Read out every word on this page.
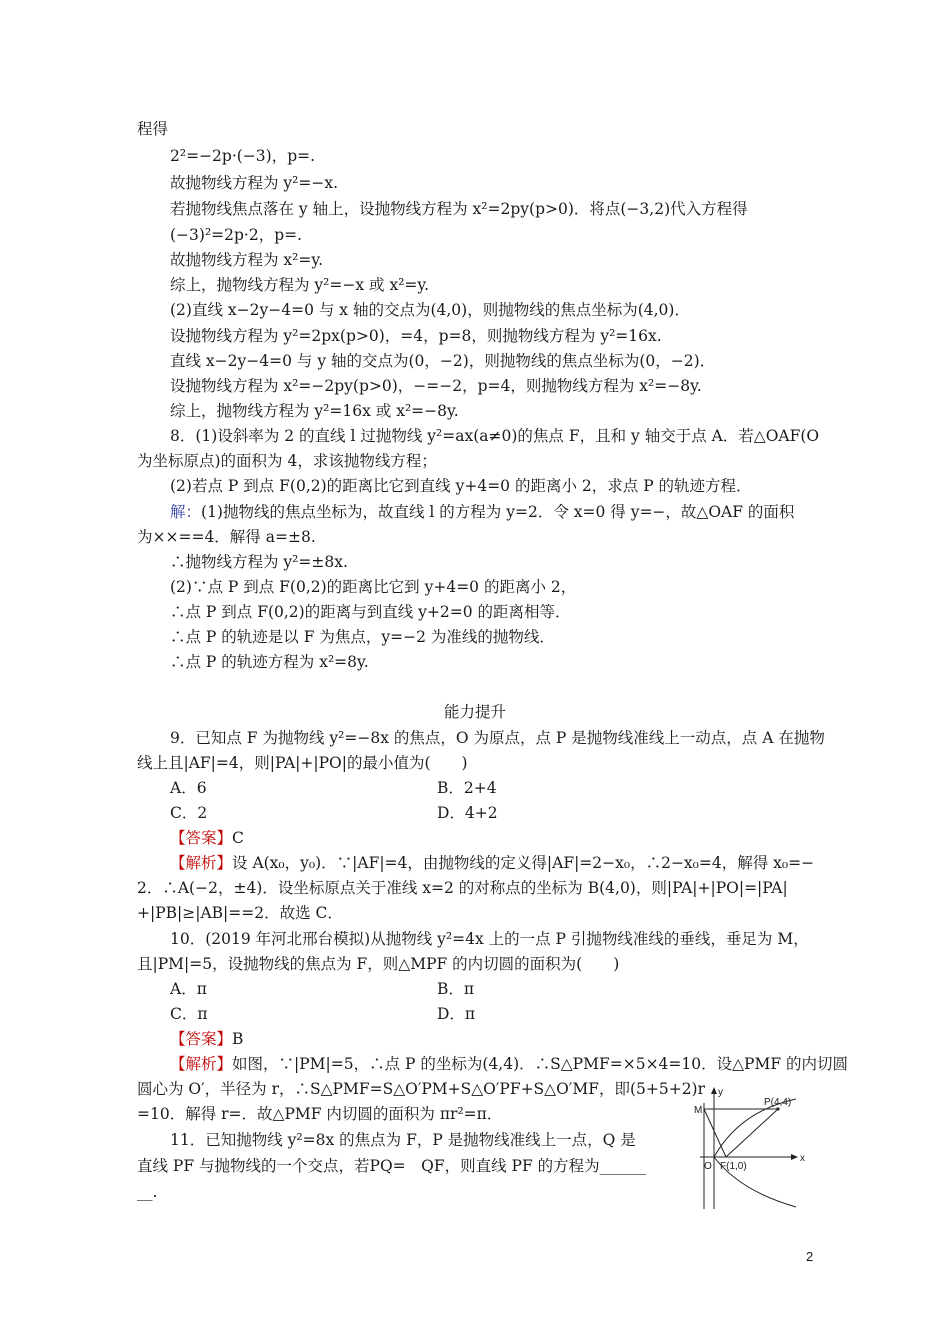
程得
2²=−2p·(−3)，p=.
故抛物线方程为 y²=−x.
若抛物线焦点落在 y 轴上，设抛物线方程为 x²=2py(p>0)．将点(−3,2)代入方程得
(−3)²=2p·2，p=.
故抛物线方程为 x²=y.
综上，抛物线方程为 y²=−x 或 x²=y.
(2)直线 x−2y−4=0 与 x 轴的交点为(4,0)，则抛物线的焦点坐标为(4,0)．
设抛物线方程为 y²=2px(p>0)，=4，p=8，则抛物线方程为 y²=16x.
直线 x−2y−4=0 与 y 轴的交点为(0，−2)，则抛物线的焦点坐标为(0，−2)．
设抛物线方程为 x²=−2py(p>0)，−=−2，p=4，则抛物线方程为 x²=−8y.
综上，抛物线方程为 y²=16x 或 x²=−8y.
8．(1)设斜率为 2 的直线 l 过抛物线 y²=ax(a≠0)的焦点 F，且和 y 轴交于点 A．若△OAF(O
为坐标原点)的面积为 4，求该抛物线方程；
(2)若点 P 到点 F(0,2)的距离比它到直线 y+4=0 的距离小 2，求点 P 的轨迹方程．
解：(1)抛物线的焦点坐标为，故直线 l 的方程为 y=2．令 x=0 得 y=−，故△OAF 的面积
为××==4．解得 a=±8.
∴抛物线方程为 y²=±8x.
(2)∵点 P 到点 F(0,2)的距离比它到 y+4=0 的距离小 2，
∴点 P 到点 F(0,2)的距离与到直线 y+2=0 的距离相等．
∴点 P 的轨迹是以 F 为焦点，y=−2 为准线的抛物线．
∴点 P 的轨迹方程为 x²=8y.
能力提升
9．已知点 F 为抛物线 y²=−8x 的焦点，O 为原点，点 P 是抛物线准线上一动点，点 A 在抛物
线上且|AF|=4，则|PA|+|PO|的最小值为(　　)
A．6	B．2+4
C．2	D．4+2
【答案】C
【解析】设 A(x₀，y₀)．∵|AF|=4，由抛物线的定义得|AF|=2−x₀，∴2−x₀=4，解得 x₀=−
2．∴A(−2，±4)．设坐标原点关于准线 x=2 的对称点的坐标为 B(4,0)，则|PA|+|PO|=|PA|
+|PB|≥|AB|==2．故选 C．
10．(2019 年河北邢台模拟)从抛物线 y²=4x 上的一点 P 引抛物线准线的垂线，垂足为 M，
且|PM|=5，设抛物线的焦点为 F，则△MPF 的内切圆的面积为(　　)
A．π	B．π
C．π	D．π
【答案】B
【解析】如图，∵|PM|=5，∴点 P 的坐标为(4,4)．∴S△PMF=×5×4=10．设△PMF 的内切圆
圆心为 O′，半径为 r，∴S△PMF=S△O′PM+S△O′PF+S△O′MF，即(5+5+2)r
=10．解得 r=．故△PMF 内切圆的面积为 πr²=π．
11．已知抛物线 y²=8x 的焦点为 F，P 是抛物线准线上一点，Q 是
直线 PF 与抛物线的一个交点，若PQ=　QF，则直线 PF 的方程为______
__.
y
x
M
P(4,4)
O F(1,0)
2
